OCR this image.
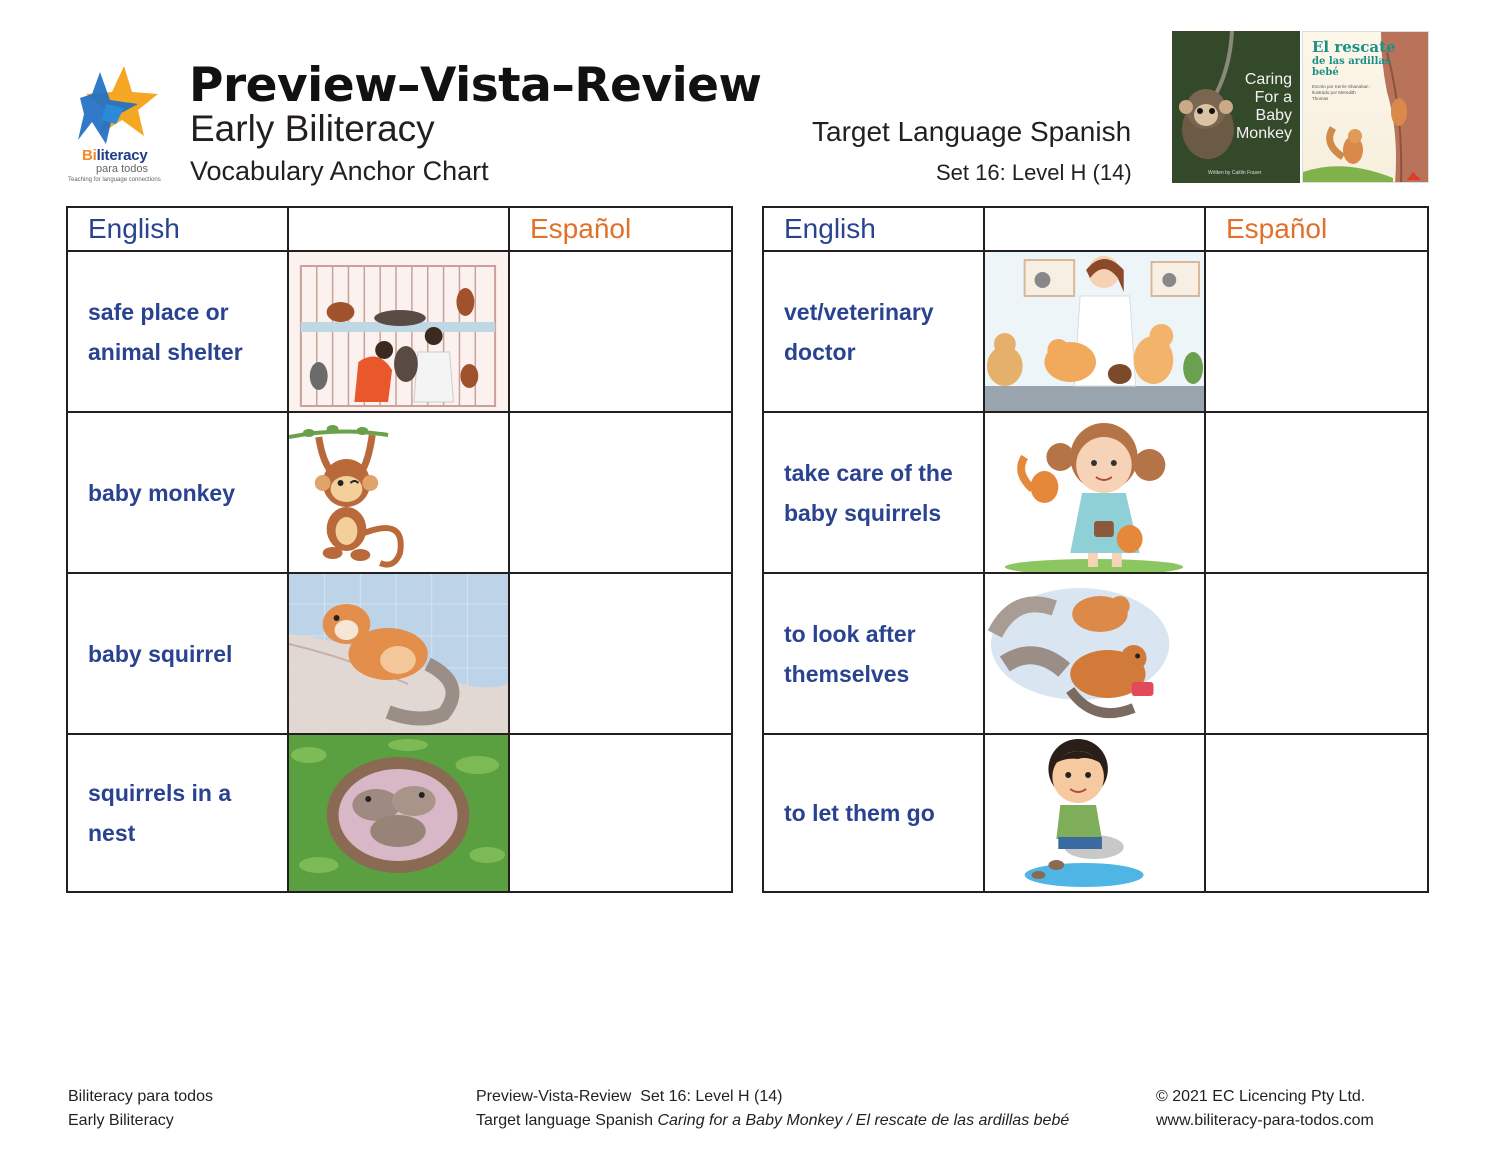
Biliteracy
para todos
Teaching for language connections
Preview–Vista–Review
Early Biliteracy
Vocabulary Anchor Chart
Target Language Spanish
Set 16: Level H (14)
Caring For a Baby Monkey
Written by Caitlin Fraser
El rescate
de las ardillas bebé
Escrito por Kerrie Shanahan · Ilustrado por Meredith Thomas
English	Español
safe place or animal shelter
baby monkey
baby squirrel
squirrels in a nest
English	Español
vet/veterinary doctor
take care of the baby squirrels
to look after themselves
to let them go
Biliteracy para todos
Early Biliteracy
Preview-Vista-Review  Set 16: Level H (14)
Target language Spanish Caring for a Baby Monkey / El rescate de las ardillas bebé
© 2021 EC Licencing Pty Ltd.
www.biliteracy-para-todos.com
